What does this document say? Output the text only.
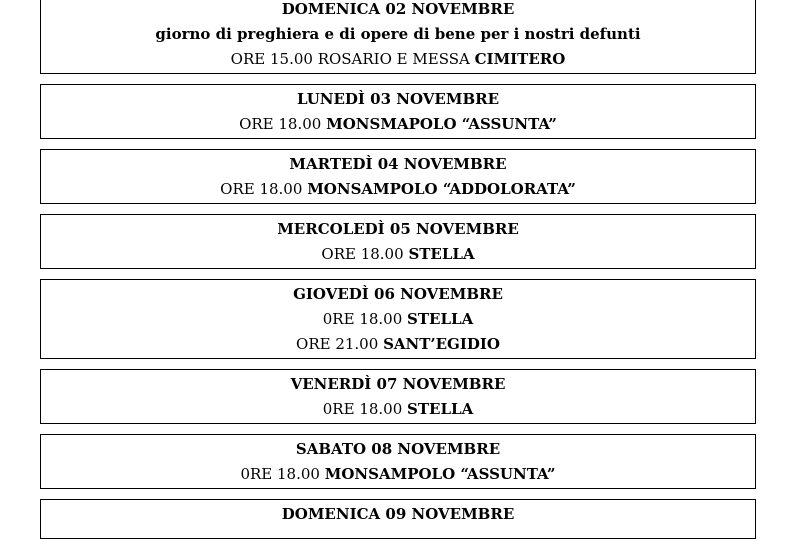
DOMENICA 02 NOVEMBRE
giorno di preghiera e di opere di bene per i nostri defunti
ORE 15.00 ROSARIO E MESSA CIMITERO
LUNEDÌ 03 NOVEMBRE
ORE 18.00 MONSMAPOLO “ASSUNTA”
MARTEDÌ 04 NOVEMBRE
ORE 18.00 MONSAMPOLO “ADDOLORATA”
MERCOLEDÌ 05 NOVEMBRE
ORE 18.00 STELLA
GIOVEDÌ 06 NOVEMBRE
0RE 18.00 STELLA
ORE 21.00 SANT’EGIDIO
VENERDÌ 07 NOVEMBRE
0RE 18.00 STELLA
SABATO 08 NOVEMBRE
0RE 18.00 MONSAMPOLO “ASSUNTA”
DOMENICA 09 NOVEMBRE
